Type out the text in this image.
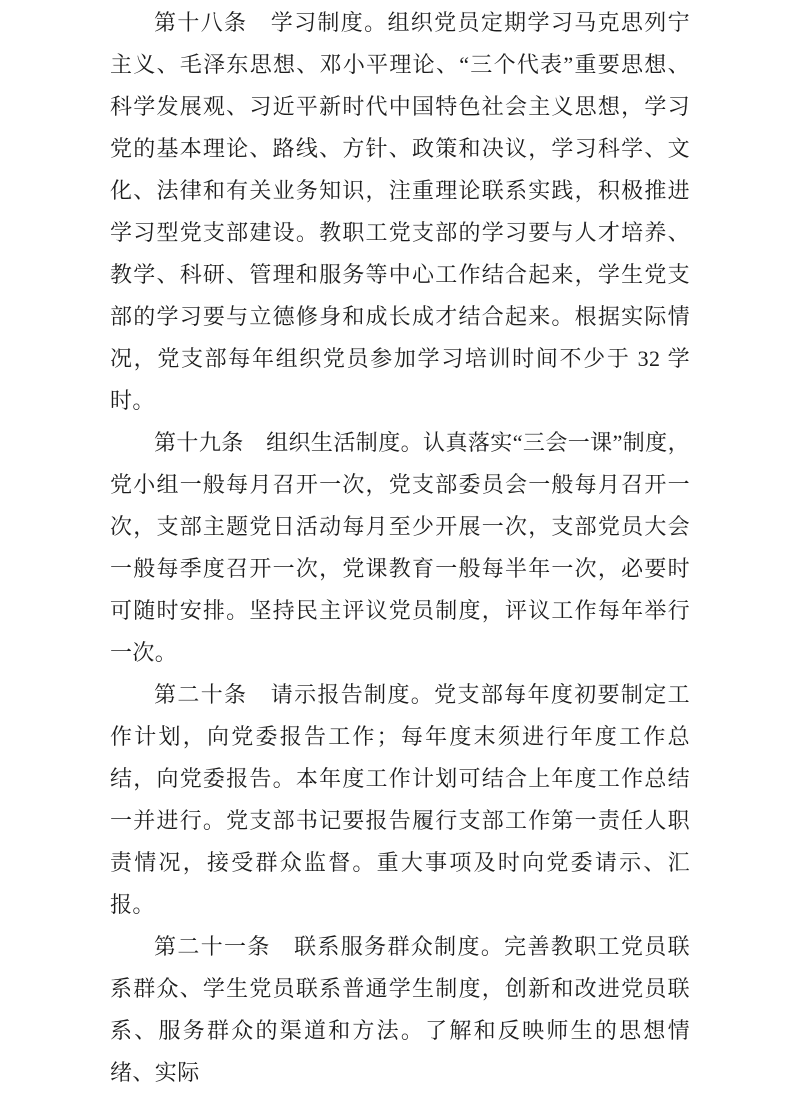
第十八条　学习制度。组织党员定期学习马克思列宁主义、毛泽东思想、邓小平理论、“三个代表”重要思想、科学发展观、习近平新时代中国特色社会主义思想，学习党的基本理论、路线、方针、政策和决议，学习科学、文化、法律和有关业务知识，注重理论联系实践，积极推进学习型党支部建设。教职工党支部的学习要与人才培养、教学、科研、管理和服务等中心工作结合起来，学生党支部的学习要与立德修身和成长成才结合起来。根据实际情况，党支部每年组织党员参加学习培训时间不少于 32 学时。

第十九条　组织生活制度。认真落实“三会一课”制度，党小组一般每月召开一次，党支部委员会一般每月召开一次，支部主题党日活动每月至少开展一次，支部党员大会一般每季度召开一次，党课教育一般每半年一次，必要时可随时安排。坚持民主评议党员制度，评议工作每年举行一次。

第二十条　请示报告制度。党支部每年度初要制定工作计划，向党委报告工作；每年度末须进行年度工作总结，向党委报告。本年度工作计划可结合上年度工作总结一并进行。党支部书记要报告履行支部工作第一责任人职责情况，接受群众监督。重大事项及时向党委请示、汇报。

第二十一条　联系服务群众制度。完善教职工党员联系群众、学生党员联系普通学生制度，创新和改进党员联系、服务群众的渠道和方法。了解和反映师生的思想情绪、实际
